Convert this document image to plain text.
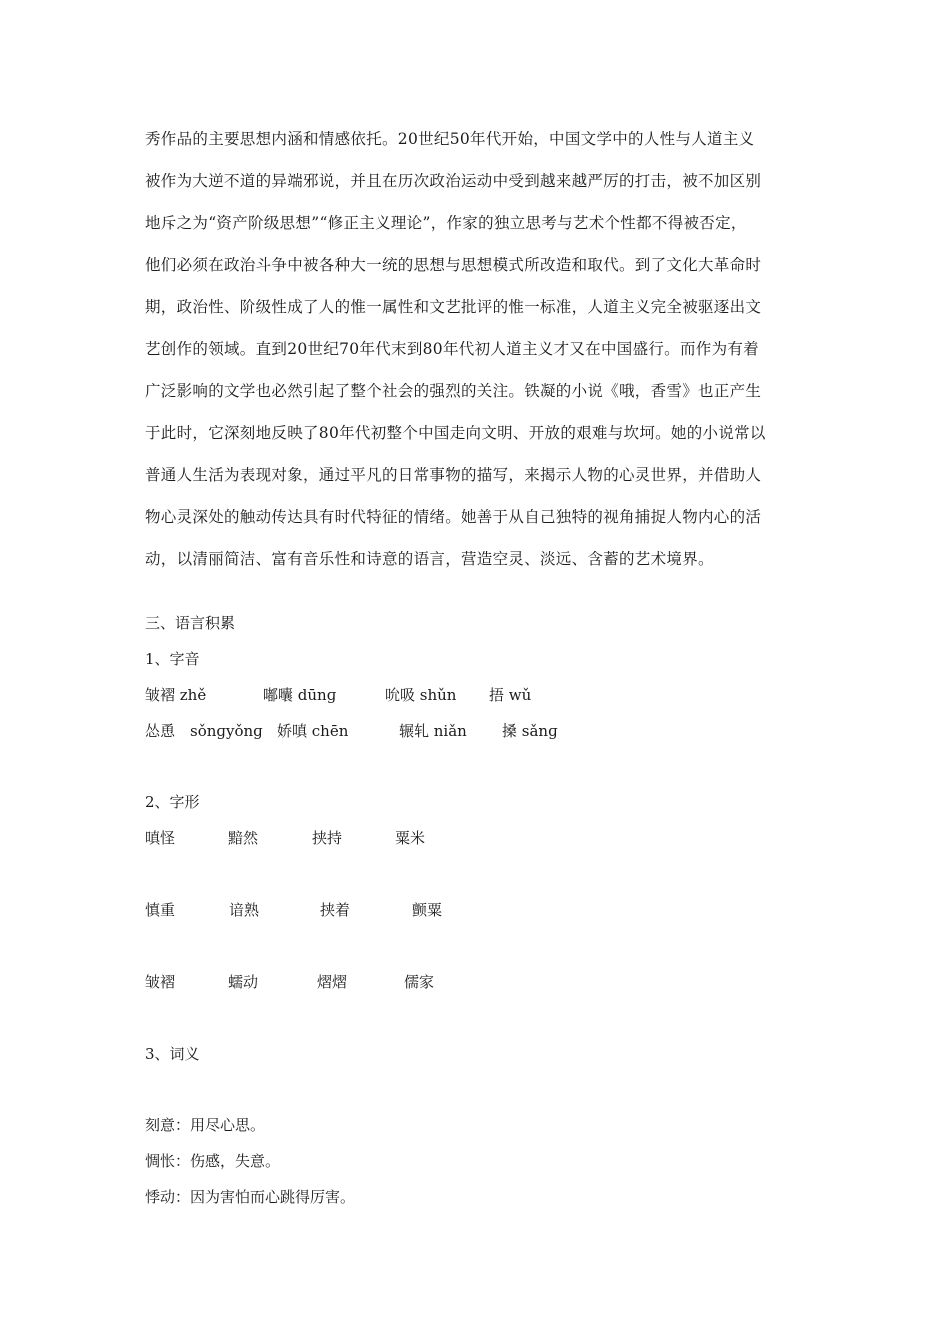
秀作品的主要思想内涵和情感依托。20世纪50年代开始，中国文学中的人性与人道主义
被作为大逆不道的异端邪说，并且在历次政治运动中受到越来越严厉的打击，被不加区别
地斥之为“资产阶级思想”“修正主义理论”，作家的独立思考与艺术个性都不得被否定，
他们必须在政治斗争中被各种大一统的思想与思想模式所改造和取代。到了文化大革命时
期，政治性、阶级性成了人的惟一属性和文艺批评的惟一标准，人道主义完全被驱逐出文
艺创作的领域。直到20世纪70年代末到80年代初人道主义才又在中国盛行。而作为有着
广泛影响的文学也必然引起了整个社会的强烈的关注。铁凝的小说《哦，香雪》也正产生
于此时，它深刻地反映了80年代初整个中国走向文明、开放的艰难与坎坷。她的小说常以
普通人生活为表现对象，通过平凡的日常事物的描写，来揭示人物的心灵世界，并借助人
物心灵深处的触动传达具有时代特征的情绪。她善于从自己独特的视角捕捉人物内心的活
动，以清丽简洁、富有音乐性和诗意的语言，营造空灵、淡远、含蓄的艺术境界。
三、语言积累
1、字音
皱褶 zhě	嘟囔 dūnɡ	吮吸 shǔn 捂 wǔ
怂恿　sǒnɡyǒnɡ 娇嗔 chēn	辗轧 niǎn 搡 sǎnɡ
2、字形
嗔怪	黯然	挟持	粟米
慎重	谙熟	挟着	颤粟
皱褶	蠕动	熠熠	儒家
3、词义
刻意：用尽心思。
惆怅：伤感，失意。
悸动：因为害怕而心跳得厉害。
